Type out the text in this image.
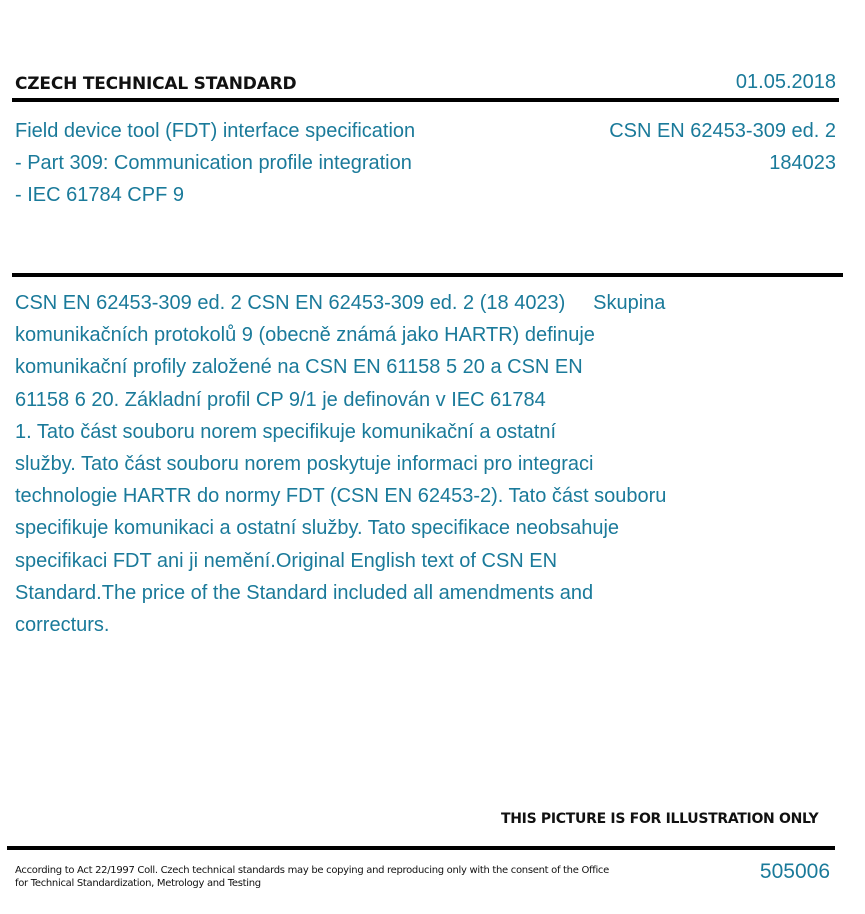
CZECH TECHNICAL STANDARD	01.05.2018
Field device tool (FDT) interface specification
- Part 309: Communication profile integration
- IEC 61784 CPF 9
CSN EN 62453-309 ed. 2
184023
CSN EN 62453-309 ed. 2 CSN EN 62453-309 ed. 2 (18 4023)     Skupina
komunikačních protokolů 9 (obecně známá jako HARTR) definuje
komunikační profily založené na CSN EN 61158 5 20 a CSN EN
61158 6 20. Základní profil CP 9/1 je definován v IEC 61784
1. Tato část souboru norem specifikuje komunikační a ostatní
služby. Tato část souboru norem poskytuje informaci pro integraci
technologie HARTR do normy FDT (CSN EN 62453-2). Tato část souboru
specifikuje komunikaci a ostatní služby. Tato specifikace neobsahuje
specifikaci FDT ani ji nemění.Original English text of CSN EN
Standard.The price of the Standard included all amendments and
correcturs.
THIS PICTURE IS FOR ILLUSTRATION ONLY
According to Act 22/1997 Coll. Czech technical standards may be copying and reproducing only with the consent of the Office
for Technical Standardization, Metrology and Testing
505006
